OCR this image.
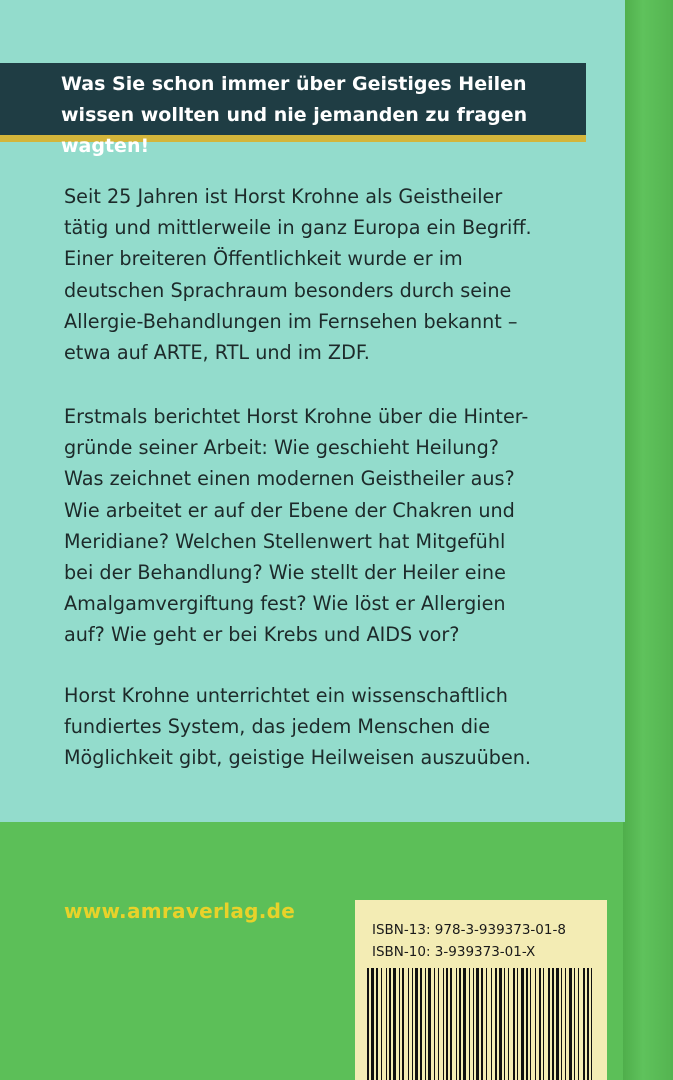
Was Sie schon immer über Geistiges Heilen wissen wollten und nie jemanden zu fragen wagten!

Seit 25 Jahren ist Horst Krohne als Geistheiler
tätig und mittlerweile in ganz Europa ein Begriff.
Einer breiteren Öffentlichkeit wurde er im
deutschen Sprachraum besonders durch seine
Allergie-Behandlungen im Fernsehen bekannt –
etwa auf ARTE, RTL und im ZDF.

Erstmals berichtet Horst Krohne über die Hinter-
gründe seiner Arbeit: Wie geschieht Heilung?
Was zeichnet einen modernen Geistheiler aus?
Wie arbeitet er auf der Ebene der Chakren und
Meridiane? Welchen Stellenwert hat Mitgefühl
bei der Behandlung? Wie stellt der Heiler eine
Amalgamvergiftung fest? Wie löst er Allergien
auf? Wie geht er bei Krebs und AIDS vor?

Horst Krohne unterrichtet ein wissenschaftlich
fundiertes System, das jedem Menschen die
Möglichkeit gibt, geistige Heilweisen auszuüben.

www.amraverlag.de
ISBN-13: 978-3-939373-01-8
ISBN-10: 3-939373-01-X
